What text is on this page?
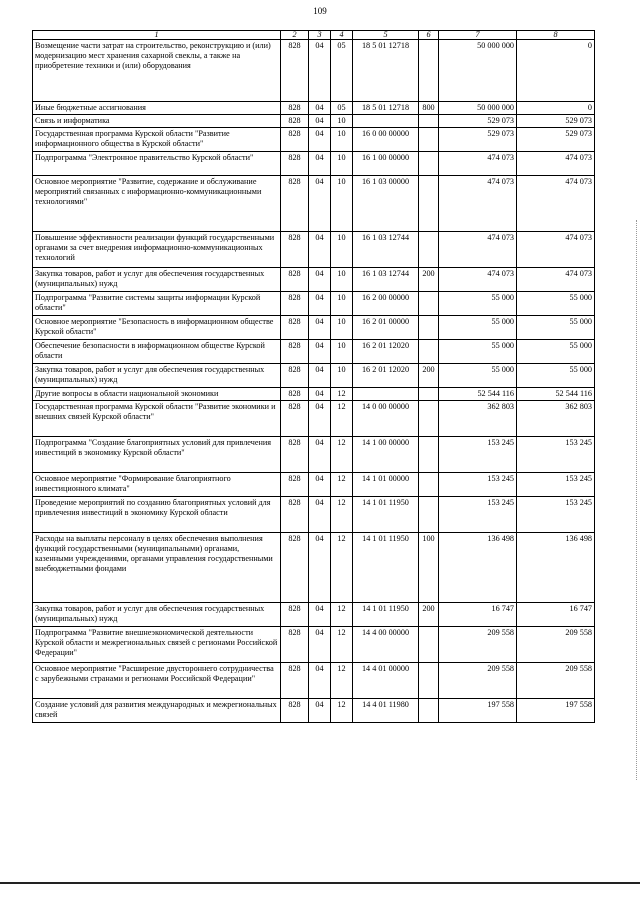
109
1	2	3	4	5	6	7	8
Возмещение части затрат на строительство, реконструкцию и (или) модернизацию мест хранения сахарной свеклы, а также на приобретение техники и (или) оборудования	828	04	05	18 5 01 12718		50 000 000	0
Иные бюджетные ассигнования	828	04	05	18 5 01 12718	800	50 000 000	0
Связь и информатика	828	04	10			529 073	529 073
Государственная программа Курской области "Развитие информационного общества в Курской области"	828	04	10	16 0 00 00000		529 073	529 073
Подпрограмма "Электронное правительство Курской области"	828	04	10	16 1 00 00000		474 073	474 073
Основное мероприятие "Развитие, содержание и обслуживание мероприятий связанных с информационно-коммуникационными технологиями"	828	04	10	16 1 03 00000		474 073	474 073
Повышение эффективности реализации функций государственными органами за счет внедрения информационно-коммуникационных технологий	828	04	10	16 1 03 12744		474 073	474 073
Закупка товаров, работ и услуг для обеспечения государственных (муниципальных) нужд	828	04	10	16 1 03 12744	200	474 073	474 073
Подпрограмма "Развитие системы защиты информации Курской области"	828	04	10	16 2 00 00000		55 000	55 000
Основное мероприятие "Безопасность в информационном обществе Курской области"	828	04	10	16 2 01 00000		55 000	55 000
Обеспечение безопасности в информационном обществе Курской области	828	04	10	16 2 01 12020		55 000	55 000
Закупка товаров, работ и услуг для обеспечения государственных (муниципальных) нужд	828	04	10	16 2 01 12020	200	55 000	55 000
Другие вопросы в области национальной экономики	828	04	12			52 544 116	52 544 116
Государственная программа Курской области "Развитие экономики и внешних связей Курской области"	828	04	12	14 0 00 00000		362 803	362 803
Подпрограмма "Создание благоприятных условий для привлечения инвестиций в экономику Курской области"	828	04	12	14 1 00 00000		153 245	153 245
Основное мероприятие "Формирование благоприятного инвестиционного климата"	828	04	12	14 1 01 00000		153 245	153 245
Проведение мероприятий по созданию благоприятных условий для привлечения инвестиций в экономику Курской области	828	04	12	14 1 01 11950		153 245	153 245
Расходы на выплаты персоналу в целях обеспечения выполнения функций государственными (муниципальными) органами, казенными учреждениями, органами управления государственными внебюджетными фондами	828	04	12	14 1 01 11950	100	136 498	136 498
Закупка товаров, работ и услуг для обеспечения государственных (муниципальных) нужд	828	04	12	14 1 01 11950	200	16 747	16 747
Подпрограмма "Развитие внешнеэкономической деятельности Курской области и межрегиональных связей с регионами Российской Федерации"	828	04	12	14 4 00 00000		209 558	209 558
Основное мероприятие "Расширение двустороннего сотрудничества с зарубежными странами и регионами Российской Федерации"	828	04	12	14 4 01 00000		209 558	209 558
Создание условий для развития международных и межрегиональных связей	828	04	12	14 4 01 11980		197 558	197 558
